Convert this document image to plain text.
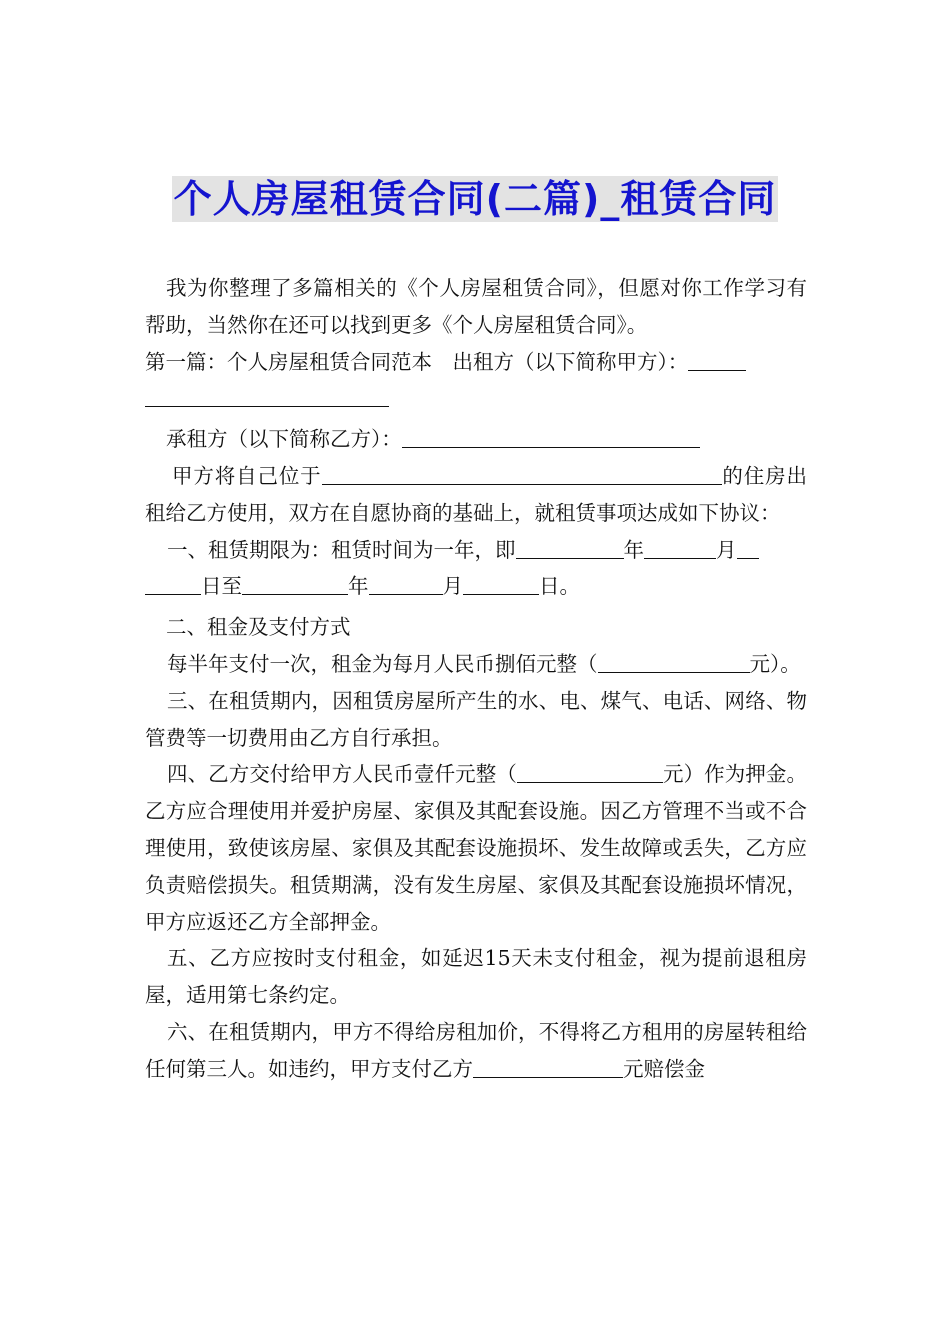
个人房屋租赁合同(二篇)_租赁合同

我为你整理了多篇相关的《个人房屋租赁合同》，但愿对你工作学习有帮助，当然你在还可以找到更多《个人房屋租赁合同》。

第一篇：个人房屋租赁合同范本　出租方（以下简称甲方）：

承租方（以下简称乙方）：

甲方将自己位于	的住房出租给乙方使用，双方在自愿协商的基础上，就租赁事项达成如下协议：

一、租赁期限为：租赁时间为一年，即	年	月
日至	年	月	日。

二、租金及支付方式

每半年支付一次，租金为每月人民币捌佰元整（	元）。

三、在租赁期内，因租赁房屋所产生的水、电、煤气、电话、网络、物管费等一切费用由乙方自行承担。

四、乙方交付给甲方人民币壹仟元整（	元）作为押金。乙方应合理使用并爱护房屋、家俱及其配套设施。因乙方管理不当或不合理使用，致使该房屋、家俱及其配套设施损坏、发生故障或丢失，乙方应负责赔偿损失。租赁期满，没有发生房屋、家俱及其配套设施损坏情况，甲方应返还乙方全部押金。

五、乙方应按时支付租金，如延迟15天未支付租金，视为提前退租房屋，适用第七条约定。

六、在租赁期内，甲方不得给房租加价，不得将乙方租用的房屋转租给任何第三人。如违约，甲方支付乙方	元赔偿金
